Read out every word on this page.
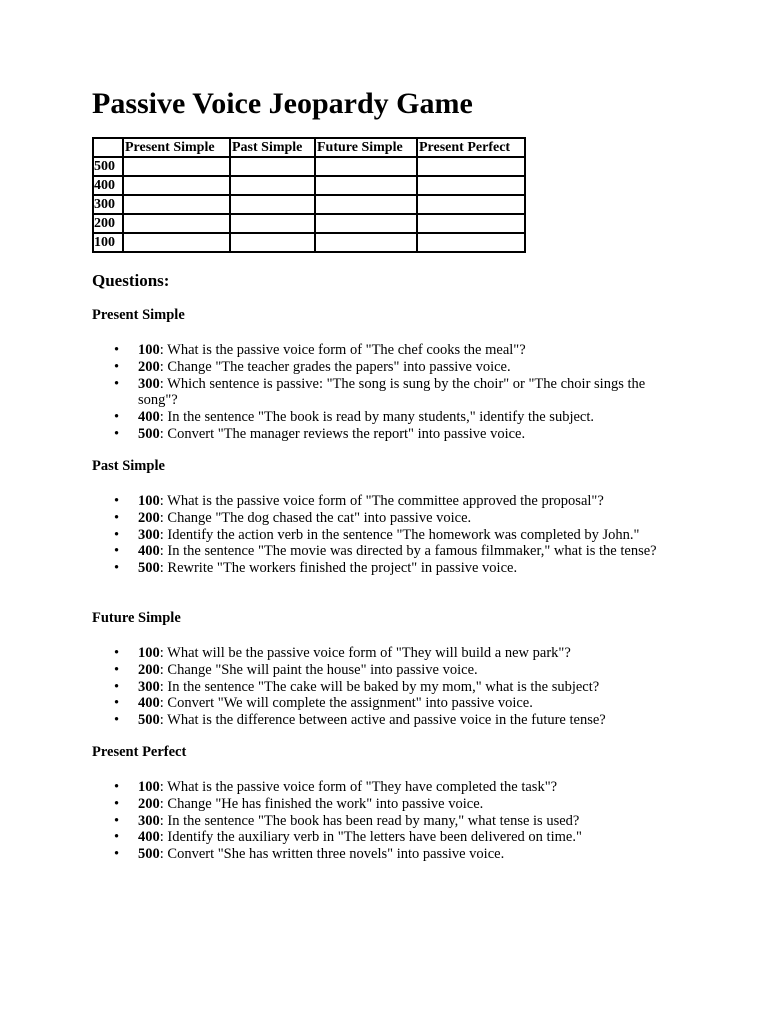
Passive Voice Jeopardy Game
	Present Simple	Past Simple	Future Simple	Present Perfect
500				
400				
300				
200				
100				
Questions:
Present Simple
• 100: What is the passive voice form of "The chef cooks the meal"?
• 200: Change "The teacher grades the papers" into passive voice.
• 300: Which sentence is passive: "The song is sung by the choir" or "The choir sings the song"?
• 400: In the sentence "The book is read by many students," identify the subject.
• 500: Convert "The manager reviews the report" into passive voice.
Past Simple
• 100: What is the passive voice form of "The committee approved the proposal"?
• 200: Change "The dog chased the cat" into passive voice.
• 300: Identify the action verb in the sentence "The homework was completed by John."
• 400: In the sentence "The movie was directed by a famous filmmaker," what is the tense?
• 500: Rewrite "The workers finished the project" in passive voice.
Future Simple
• 100: What will be the passive voice form of "They will build a new park"?
• 200: Change "She will paint the house" into passive voice.
• 300: In the sentence "The cake will be baked by my mom," what is the subject?
• 400: Convert "We will complete the assignment" into passive voice.
• 500: What is the difference between active and passive voice in the future tense?
Present Perfect
• 100: What is the passive voice form of "They have completed the task"?
• 200: Change "He has finished the work" into passive voice.
• 300: In the sentence "The book has been read by many," what tense is used?
• 400: Identify the auxiliary verb in "The letters have been delivered on time."
• 500: Convert "She has written three novels" into passive voice.
